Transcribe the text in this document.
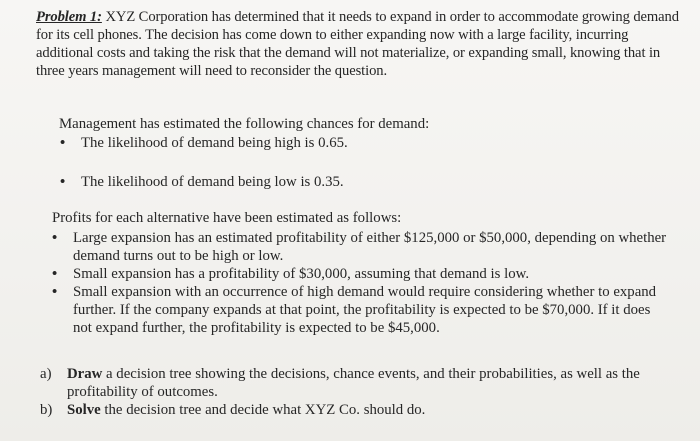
Problem 1: XYZ Corporation has determined that it needs to expand in order to accommodate growing demand for its cell phones. The decision has come down to either expanding now with a large facility, incurring additional costs and taking the risk that the demand will not materialize, or expanding small, knowing that in three years management will need to reconsider the question.
Management has estimated the following chances for demand:
• The likelihood of demand being high is 0.65.
• The likelihood of demand being low is 0.35.
Profits for each alternative have been estimated as follows:
• Large expansion has an estimated profitability of either $125,000 or $50,000, depending on whether demand turns out to be high or low.
• Small expansion has a profitability of $30,000, assuming that demand is low.
• Small expansion with an occurrence of high demand would require considering whether to expand further. If the company expands at that point, the profitability is expected to be $70,000. If it does not expand further, the profitability is expected to be $45,000.
a) Draw a decision tree showing the decisions, chance events, and their probabilities, as well as the profitability of outcomes.
b) Solve the decision tree and decide what XYZ Co. should do.
